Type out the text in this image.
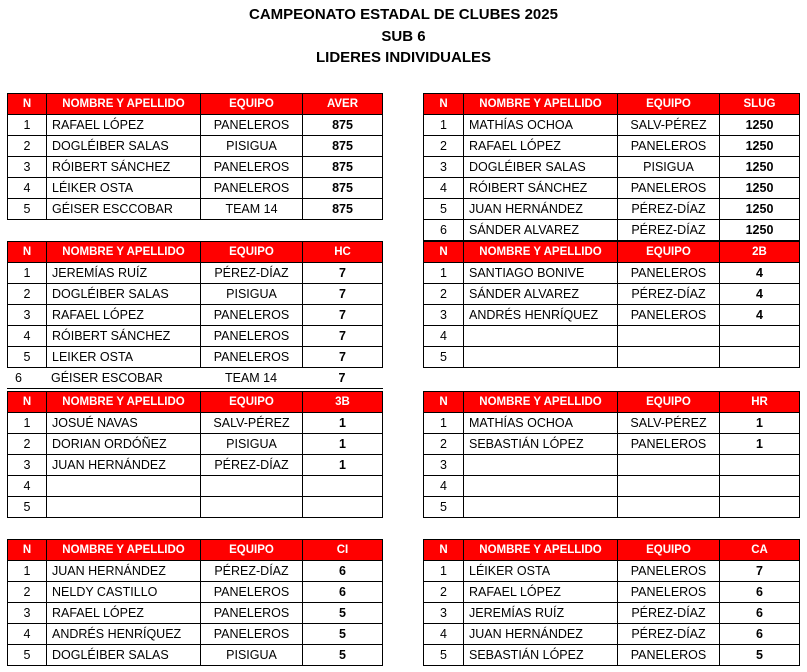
CAMPEONATO ESTADAL DE CLUBES 2025
SUB 6
LIDERES INDIVIDUALES
N	NOMBRE Y APELLIDO	EQUIPO	AVER
1	RAFAEL LÓPEZ	PANELEROS	875
2	DOGLÉIBER SALAS	PISIGUA	875
3	RÓIBERT SÁNCHEZ	PANELEROS	875
4	LÉIKER OSTA	PANELEROS	875
5	GÉISER ESCCOBAR	TEAM 14	875
N	NOMBRE Y APELLIDO	EQUIPO	SLUG
1	MATHÍAS OCHOA	SALV-PÉREZ	1250
2	RAFAEL LÓPEZ	PANELEROS	1250
3	DOGLÉIBER SALAS	PISIGUA	1250
4	RÓIBERT SÁNCHEZ	PANELEROS	1250
5	JUAN HERNÁNDEZ	PÉREZ-DÍAZ	1250
6	SÁNDER ALVAREZ	PÉREZ-DÍAZ	1250
N	NOMBRE Y APELLIDO	EQUIPO	HC
1	JEREMÍAS RUÍZ	PÉREZ-DÍAZ	7
2	DOGLÉIBER SALAS	PISIGUA	7
3	RAFAEL LÓPEZ	PANELEROS	7
4	RÓIBERT SÁNCHEZ	PANELEROS	7
5	LEIKER OSTA	PANELEROS	7
6 GÉISER ESCOBAR	TEAM 14	7
N	NOMBRE Y APELLIDO	EQUIPO	2B
1	SANTIAGO BONIVE	PANELEROS	4
2	SÁNDER ALVAREZ	PÉREZ-DÍAZ	4
3	ANDRÉS HENRÍQUEZ	PANELEROS	4
4			
5			
N	NOMBRE Y APELLIDO	EQUIPO	3B
1	JOSUÉ NAVAS	SALV-PÉREZ	1
2	DORIAN ORDÓÑEZ	PISIGUA	1
3	JUAN HERNÁNDEZ	PÉREZ-DÍAZ	1
4			
5			
N	NOMBRE Y APELLIDO	EQUIPO	HR
1	MATHÍAS OCHOA	SALV-PÉREZ	1
2	SEBASTIÁN LÓPEZ	PANELEROS	1
3			
4			
5			
N	NOMBRE Y APELLIDO	EQUIPO	CI
1	JUAN HERNÁNDEZ	PÉREZ-DÍAZ	6
2	NELDY CASTILLO	PANELEROS	6
3	RAFAEL LÓPEZ	PANELEROS	5
4	ANDRÉS HENRÍQUEZ	PANELEROS	5
5	DOGLÉIBER SALAS	PISIGUA	5
N	NOMBRE Y APELLIDO	EQUIPO	CA
1	LÉIKER OSTA	PANELEROS	7
2	RAFAEL LÓPEZ	PANELEROS	6
3	JEREMÍAS RUÍZ	PÉREZ-DÍAZ	6
4	JUAN HERNÁNDEZ	PÉREZ-DÍAZ	6
5	SEBASTIÁN LÓPEZ	PANELEROS	5
